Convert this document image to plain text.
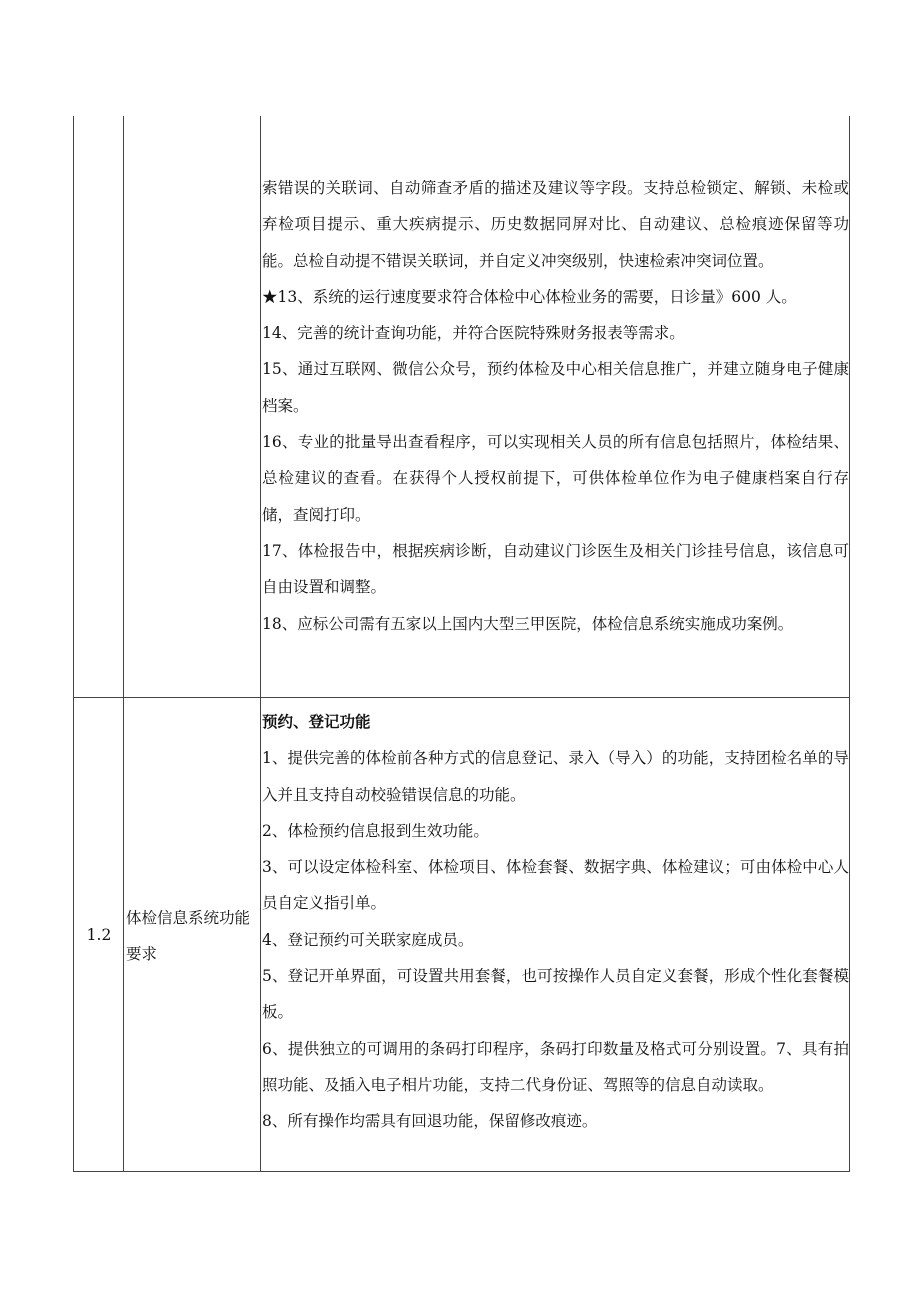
索错误的关联词、自动筛查矛盾的描述及建议等字段。支持总检锁定、解锁、未检或弃检项目提示、重大疾病提示、历史数据同屏对比、自动建议、总检痕迹保留等功能。总检自动提不错误关联词，并自定义冲突级别，快速检索冲突词位置。

★13、系统的运行速度要求符合体检中心体检业务的需要，日诊量》600 人。

14、完善的统计查询功能，并符合医院特殊财务报表等需求。

15、通过互联网、微信公众号，预约体检及中心相关信息推广，并建立随身电子健康档案。

16、专业的批量导出查看程序，可以实现相关人员的所有信息包括照片，体检结果、总检建议的查看。在获得个人授权前提下，可供体检单位作为电子健康档案自行存储，查阅打印。

17、体检报告中，根据疾病诊断，自动建议门诊医生及相关门诊挂号信息，该信息可自由设置和调整。

18、应标公司需有五家以上国内大型三甲医院，体检信息系统实施成功案例。

1.2
体检信息系统功能要求

预约、登记功能

1、提供完善的体检前各种方式的信息登记、录入（导入）的功能，支持团检名单的导入并且支持自动校验错误信息的功能。

2、体检预约信息报到生效功能。

3、可以设定体检科室、体检项目、体检套餐、数据字典、体检建议；可由体检中心人员自定义指引单。

4、登记预约可关联家庭成员。

5、登记开单界面，可设置共用套餐，也可按操作人员自定义套餐，形成个性化套餐模板。

6、提供独立的可调用的条码打印程序，条码打印数量及格式可分别设置。7、具有拍照功能、及插入电子相片功能，支持二代身份证、驾照等的信息自动读取。

8、所有操作均需具有回退功能，保留修改痕迹。
